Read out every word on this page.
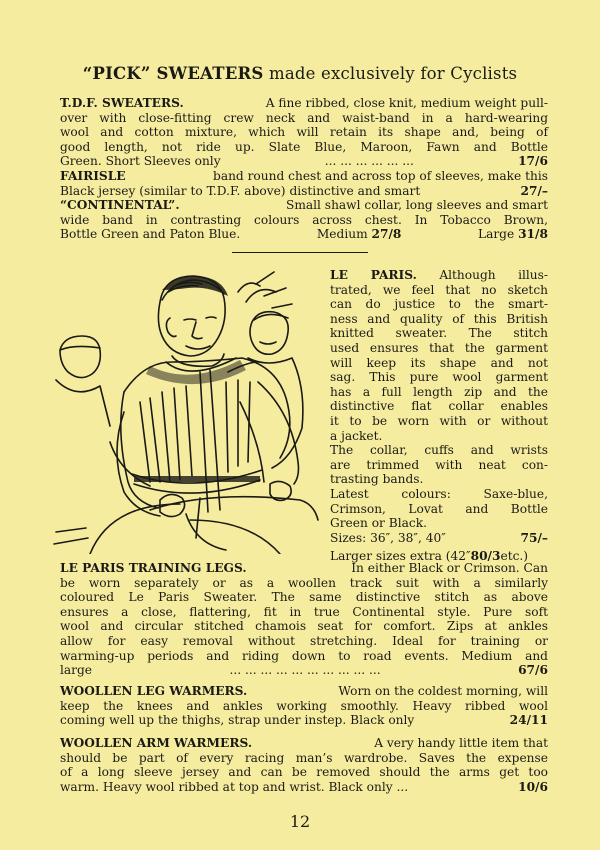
“PICK” SWEATERS made exclusively for Cyclists
T.D.F. SWEATERS.	A fine ribbed, close knit, medium weight pull-
over with close-fitting crew neck and waist-band in a hard-wearing
wool and cotton mixture, which will retain its shape and, being of
good length, not ride up. Slate Blue, Maroon, Fawn and Bottle
Green. Short Sleeves only	... ... ... ... ... ...	17/6
FAIRISLE	band round chest and across top of sleeves, make this
Black jersey (similar to T.D.F. above) distinctive and smart	27/–
“CONTINENTAL”.	Small shawl collar, long sleeves and smart
wide band in contrasting colours across chest. In Tobacco Brown,
Bottle Green and Paton Blue.	Medium 27/8	Large 31/8
LE PARIS. Although illus-
trated, we feel that no sketch
can do justice to the smart-
ness and quality of this British
knitted sweater. The stitch
used ensures that the garment
will keep its shape and not
sag. This pure wool garment
has a full length zip and the
distinctive flat collar enables
it to be worn with or without
a jacket.
The collar, cuffs and wrists
are trimmed with neat con-
trasting bands.
Latest colours: Saxe-blue,
Crimson, Lovat and Bottle
Green or Black.
Sizes: 36″, 38″, 40″	75/–
Larger sizes extra (42″80/3etc.)
LE PARIS TRAINING LEGS.	In either Black or Crimson. Can
be worn separately or as a woollen track suit with a similarly
coloured Le Paris Sweater. The same distinctive stitch as above
ensures a close, flattering, fit in true Continental style. Pure soft
wool and circular stitched chamois seat for comfort. Zips at ankles
allow for easy removal without stretching. Ideal for training or
warming-up periods and riding down to road events. Medium and
large	... ... ... ... ... ... ... ... ... ...	67/6
WOOLLEN LEG WARMERS.	Worn on the coldest morning, will
keep the knees and ankles working smoothly. Heavy ribbed wool
coming well up the thighs, strap under instep. Black only	24/11
WOOLLEN ARM WARMERS.	A very handy little item that
should be part of every racing man’s wardrobe. Saves the expense
of a long sleeve jersey and can be removed should the arms get too
warm. Heavy wool ribbed at top and wrist. Black only ...	10/6
12
